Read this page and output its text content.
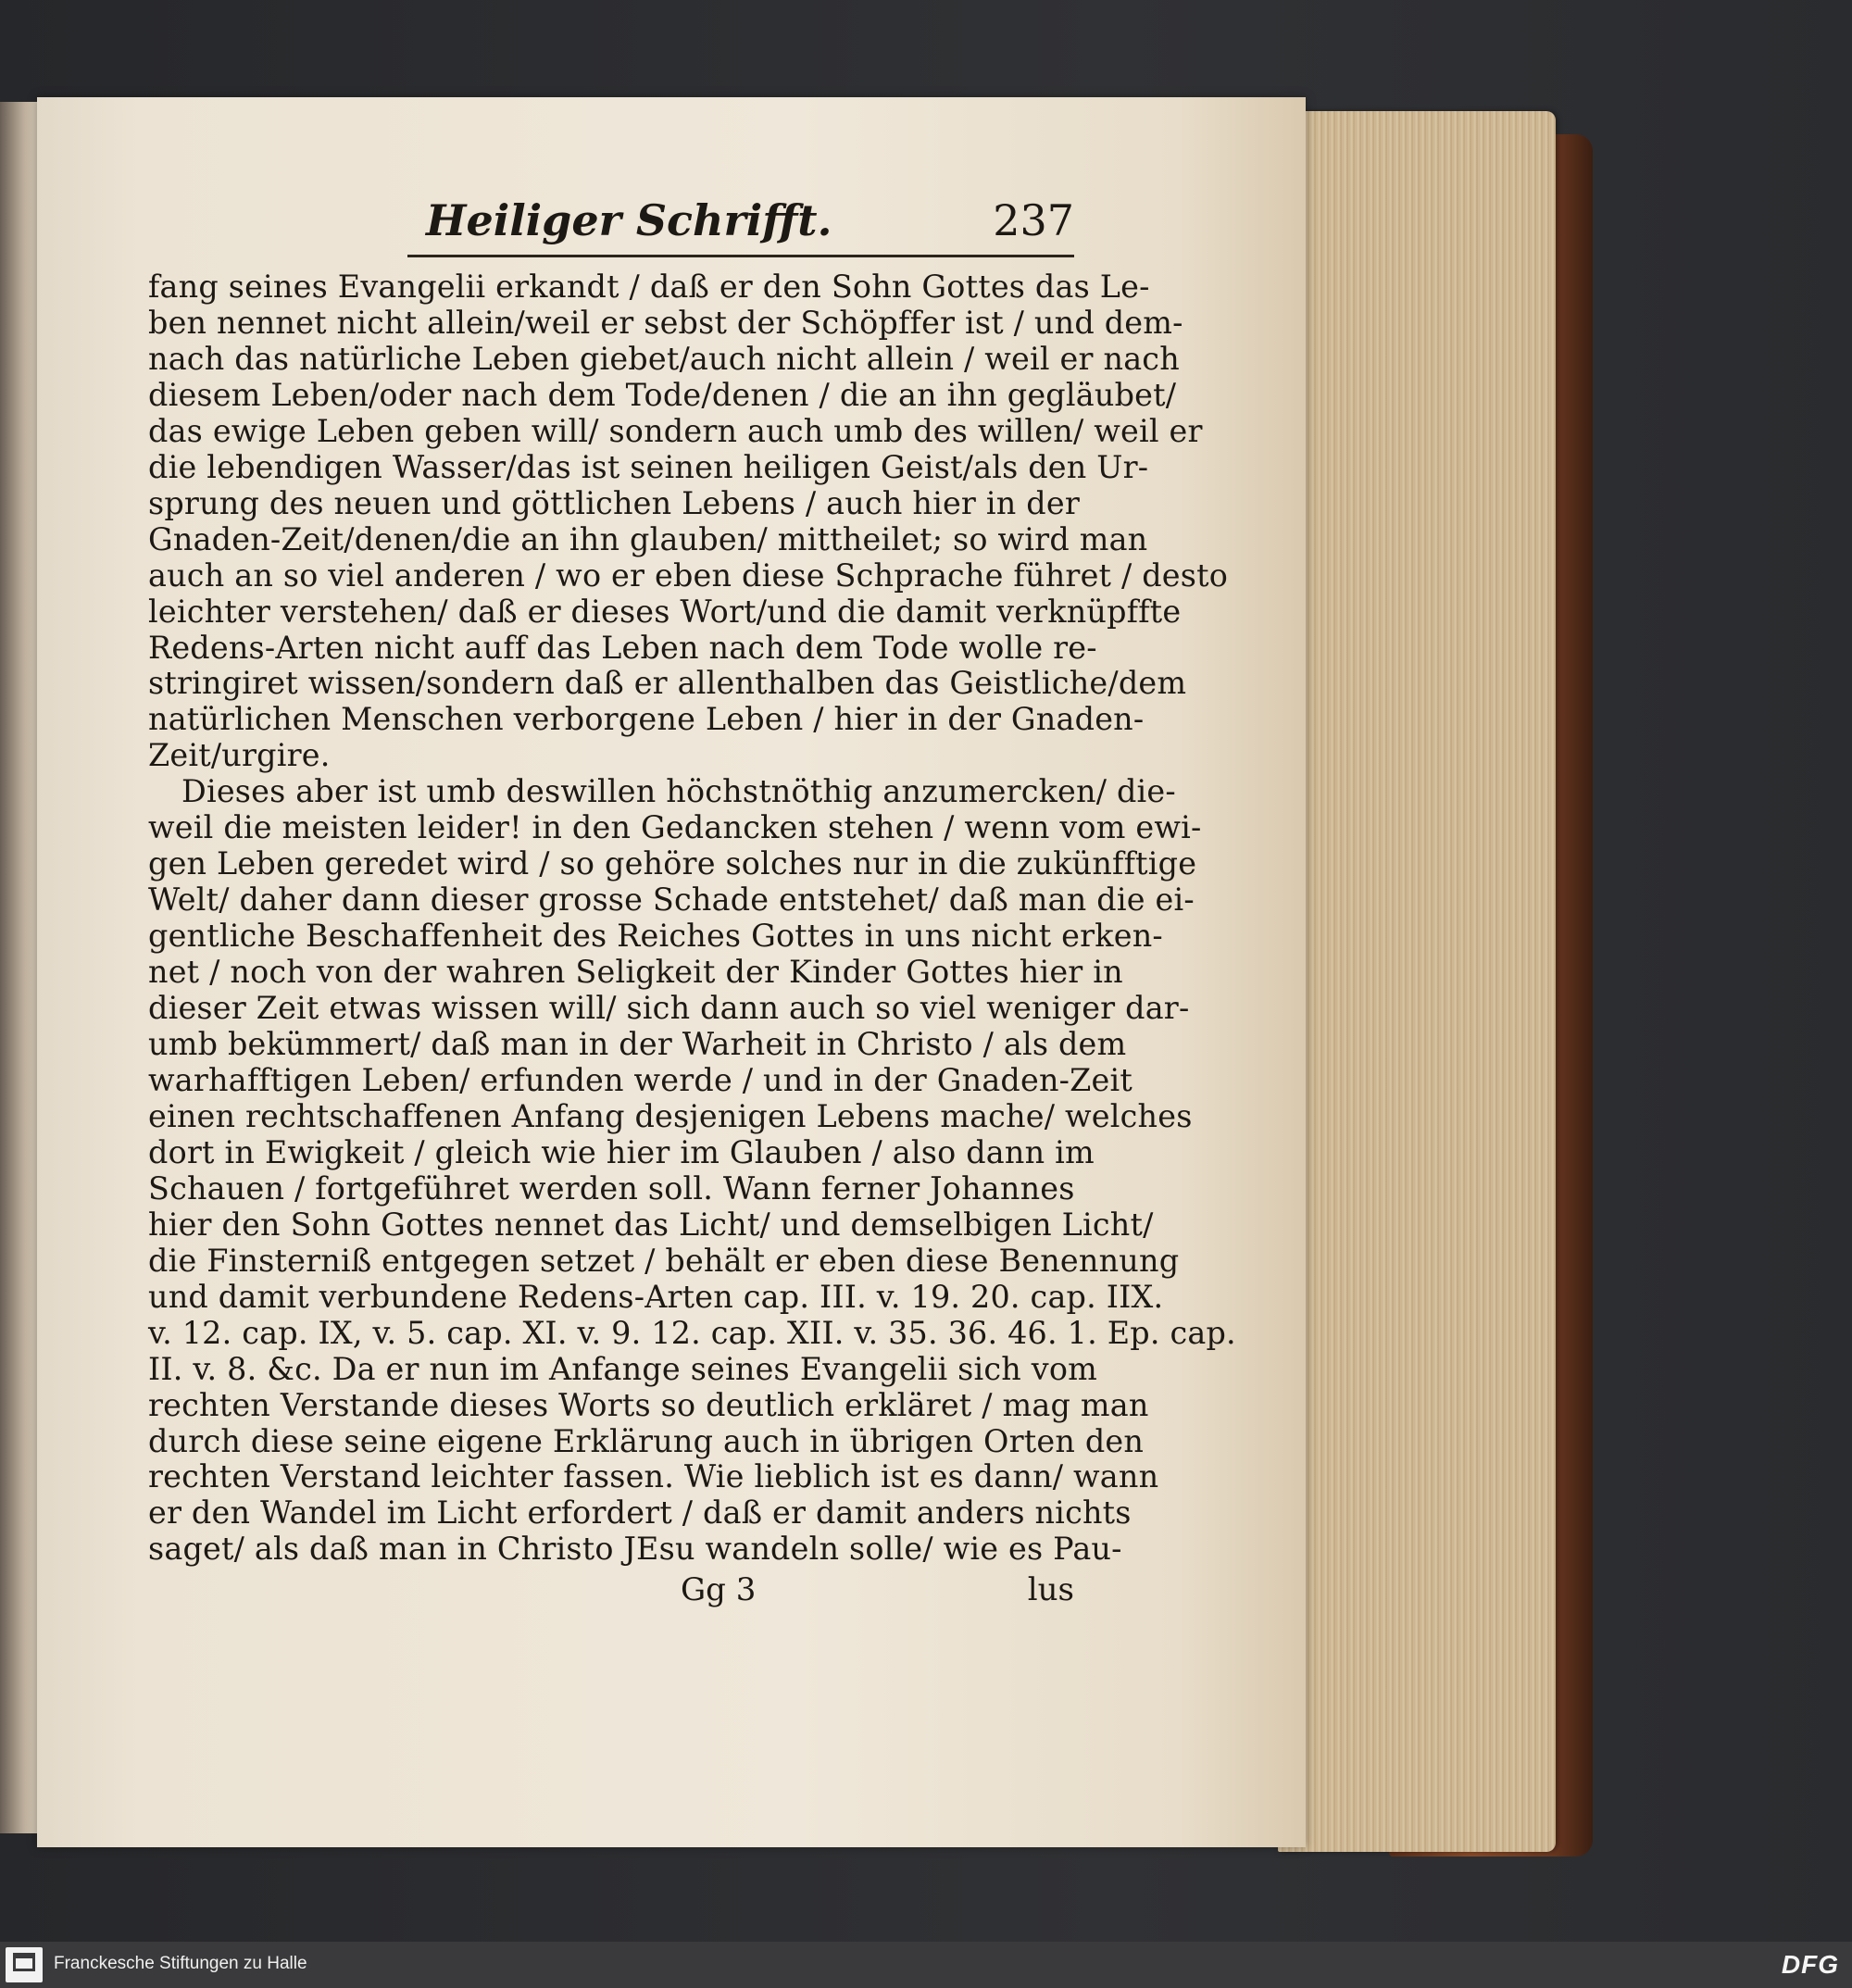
Heiliger Schrifft.	237
fang seines Evangelii erkandt / daß er den Sohn Gottes das Le-
ben nennet nicht allein/weil er sebst der Schöpffer ist / und dem-
nach das natürliche Leben giebet/auch nicht allein / weil er nach
diesem Leben/oder nach dem Tode/denen / die an ihn gegläubet/
das ewige Leben geben will/ sondern auch umb des willen/ weil er
die lebendigen Wasser/das ist seinen heiligen Geist/als den Ur-
sprung des neuen und göttlichen Lebens / auch hier in der
Gnaden-Zeit/denen/die an ihn glauben/ mittheilet; so wird man
auch an so viel anderen / wo er eben diese Schprache führet / desto
leichter verstehen/ daß er dieses Wort/und die damit verknüpffte
Redens-Arten nicht auff das Leben nach dem Tode wolle re-
stringiret wissen/sondern daß er allenthalben das Geistliche/dem
natürlichen Menschen verborgene Leben / hier in der Gnaden-
Zeit/urgire.
Dieses aber ist umb deswillen höchstnöthig anzumercken/ die-
weil die meisten leider! in den Gedancken stehen / wenn vom ewi-
gen Leben geredet wird / so gehöre solches nur in die zukünfftige
Welt/ daher dann dieser grosse Schade entstehet/ daß man die ei-
gentliche Beschaffenheit des Reiches Gottes in uns nicht erken-
net / noch von der wahren Seligkeit der Kinder Gottes hier in
dieser Zeit etwas wissen will/ sich dann auch so viel weniger dar-
umb bekümmert/ daß man in der Warheit in Christo / als dem
warhafftigen Leben/ erfunden werde / und in der Gnaden-Zeit
einen rechtschaffenen Anfang desjenigen Lebens mache/ welches
dort in Ewigkeit / gleich wie hier im Glauben / also dann im
Schauen / fortgeführet werden soll. Wann ferner Johannes
hier den Sohn Gottes nennet das Licht/ und demselbigen Licht/
die Finsterniß entgegen setzet / behält er eben diese Benennung
und damit verbundene Redens-Arten cap. III. v. 19. 20. cap. IIX.
v. 12. cap. IX, v. 5. cap. XI. v. 9. 12. cap. XII. v. 35. 36. 46. 1. Ep. cap.
II. v. 8. &c. Da er nun im Anfange seines Evangelii sich vom
rechten Verstande dieses Worts so deutlich erkläret / mag man
durch diese seine eigene Erklärung auch in übrigen Orten den
rechten Verstand leichter fassen. Wie lieblich ist es dann/ wann
er den Wandel im Licht erfordert / daß er damit anders nichts
saget/ als daß man in Christo JEsu wandeln solle/ wie es Pau-
Gg 3	lus
Franckesche Stiftungen zu Halle	DFG
